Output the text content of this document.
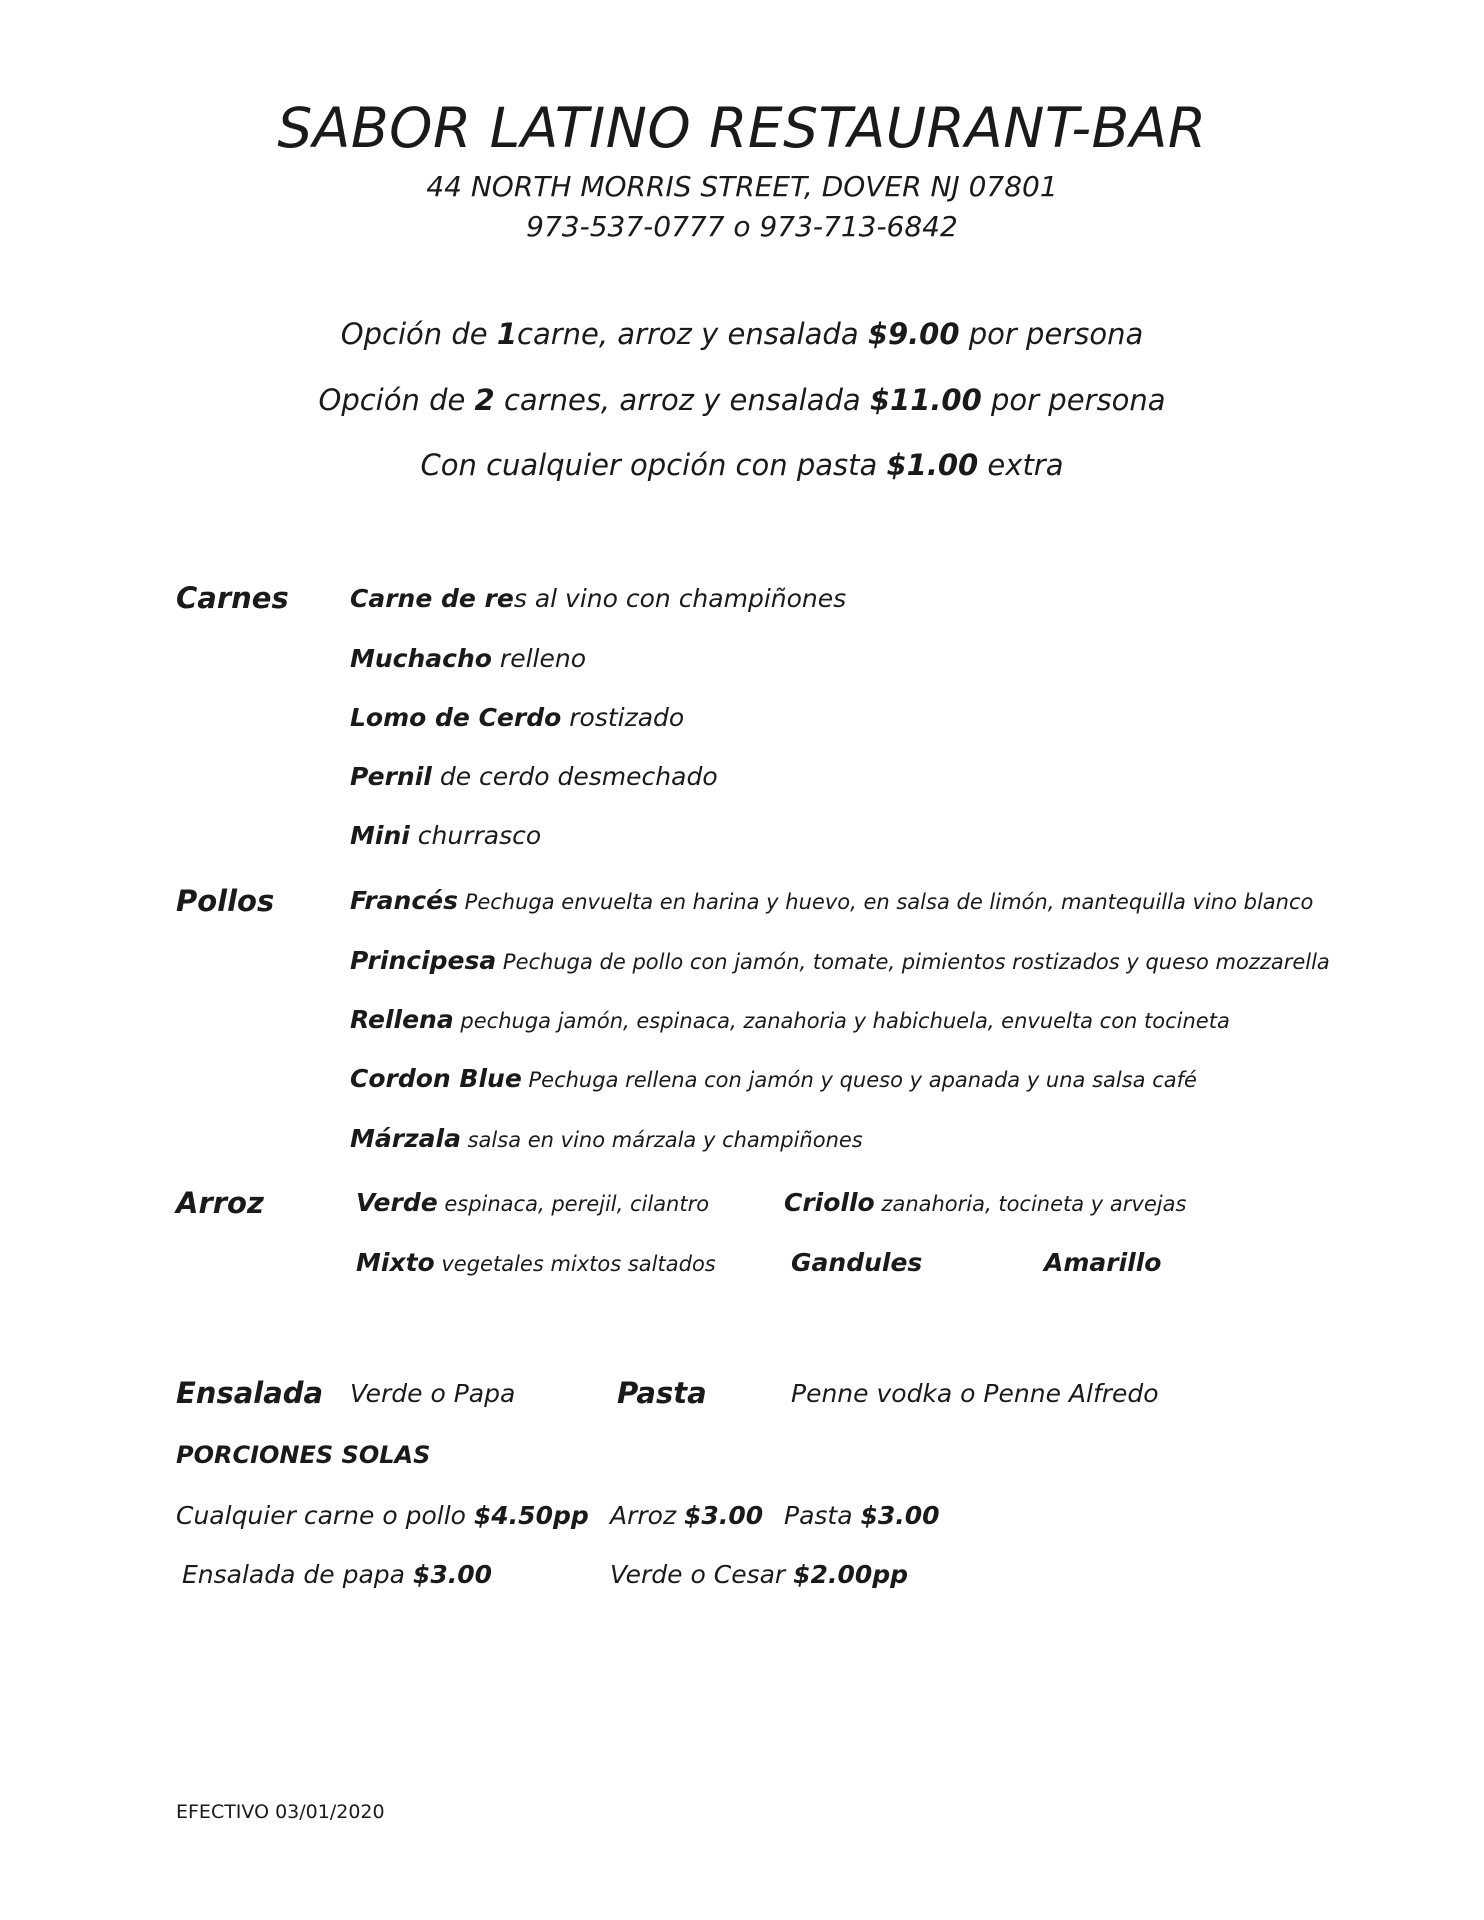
SABOR LATINO RESTAURANT-BAR
44 NORTH MORRIS STREET, DOVER NJ 07801
973-537-0777 o 973-713-6842
Opción de 1carne, arroz y ensalada $9.00 por persona
Opción de 2 carnes, arroz y ensalada $11.00 por persona
Con cualquier opción con pasta $1.00 extra
Carnes Carne de res al vino con champiñones
Muchacho relleno
Lomo de Cerdo rostizado
Pernil de cerdo desmechado
Mini churrasco
Pollos	Francés Pechuga envuelta en harina y huevo, en salsa de limón, mantequilla vino blanco
Principesa Pechuga de pollo con jamón, tomate, pimientos rostizados y queso mozzarella
Rellena pechuga jamón, espinaca, zanahoria y habichuela, envuelta con tocineta
Cordon Blue Pechuga rellena con jamón y queso y apanada y una salsa café
Márzala salsa en vino márzala y champiñones
Arroz	Verde espinaca, perejil, cilantro	Criollo zanahoria, tocineta y arvejas
Mixto vegetales mixtos saltados	Gandules	Amarillo
Ensalada Verde o Papa	Pasta	Penne vodka o Penne Alfredo
PORCIONES SOLAS
Cualquier carne o pollo $4.50pp Arroz $3.00 Pasta $3.00
Ensalada de papa $3.00	Verde o Cesar $2.00pp
EFECTIVO 03/01/2020
